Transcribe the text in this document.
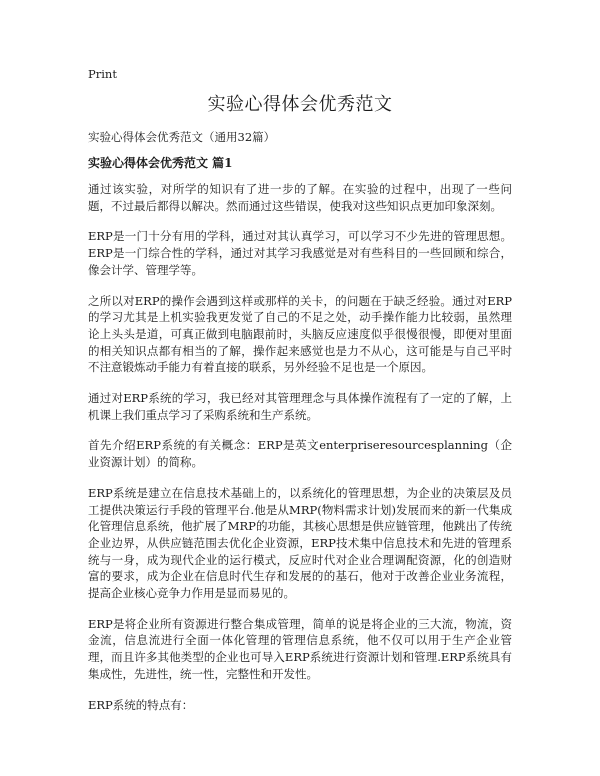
Print
实验心得体会优秀范文
实验心得体会优秀范文（通用32篇）
实验心得体会优秀范文 篇1

通过该实验，对所学的知识有了进一步的了解。在实验的过程中，出现了一些问题，不过最后都得以解决。然而通过这些错误，使我对这些知识点更加印象深刻。

ERP是一门十分有用的学科，通过对其认真学习，可以学习不少先进的管理思想。ERP是一门综合性的学科，通过对其学习我感觉是对有些科目的一些回顾和综合，像会计学、管理学等。

之所以对ERP的操作会遇到这样或那样的关卡，的问题在于缺乏经验。通过对ERP的学习尤其是上机实验我更发觉了自己的不足之处，动手操作能力比较弱，虽然理论上头头是道，可真正做到电脑跟前时，头脑反应速度似乎很慢很慢，即便对里面的相关知识点都有相当的了解，操作起来感觉也是力不从心，这可能是与自己平时不注意锻炼动手能力有着直接的联系，另外经验不足也是一个原因。

通过对ERP系统的学习，我已经对其管理理念与具体操作流程有了一定的了解，上机课上我们重点学习了采购系统和生产系统。

首先介绍ERP系统的有关概念：ERP是英文enterpriseresourcesplanning（企业资源计划）的简称。

ERP系统是建立在信息技术基础上的，以系统化的管理思想，为企业的决策层及员工提供决策运行手段的管理平台.他是从MRP(物料需求计划)发展而来的新一代集成化管理信息系统，他扩展了MRP的功能，其核心思想是供应链管理，他跳出了传统企业边界，从供应链范围去优化企业资源，ERP技术集中信息技术和先进的管理系统与一身，成为现代企业的运行模式，反应时代对企业合理调配资源，化的创造财富的要求，成为企业在信息时代生存和发展的的基石，他对于改善企业业务流程，提高企业核心竞争力作用是显而易见的。

ERP是将企业所有资源进行整合集成管理，简单的说是将企业的三大流，物流，资金流，信息流进行全面一体化管理的管理信息系统，他不仅可以用于生产企业管理，而且许多其他类型的企业也可导入ERP系统进行资源计划和管理.ERP系统具有集成性，先进性，统一性，完整性和开发性。

ERP系统的特点有：
